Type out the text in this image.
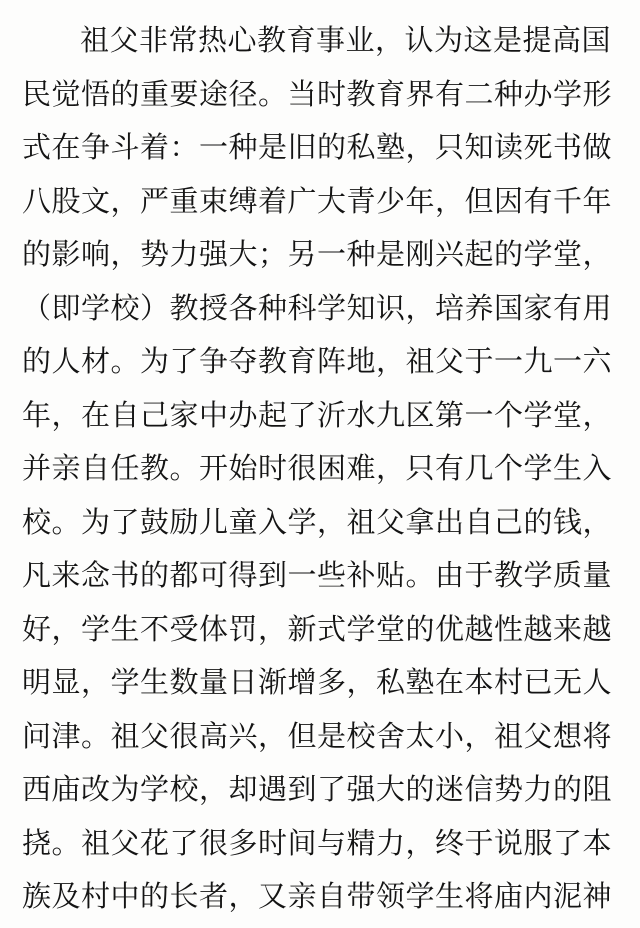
祖父非常热心教育事业，认为这是提高国
民觉悟的重要途径。当时教育界有二种办学形
式在争斗着：一种是旧的私塾，只知读死书做
八股文，严重束缚着广大青少年，但因有千年
的影响，势力强大；另一种是刚兴起的学堂，
（即学校）教授各种科学知识，培养国家有用
的人材。为了争夺教育阵地，祖父于一九一六
年，在自己家中办起了沂水九区第一个学堂，
并亲自任教。开始时很困难，只有几个学生入
校。为了鼓励儿童入学，祖父拿出自己的钱，
凡来念书的都可得到一些补贴。由于教学质量
好，学生不受体罚，新式学堂的优越性越来越
明显，学生数量日渐增多，私塾在本村已无人
问津。祖父很高兴，但是校舍太小，祖父想将
西庙改为学校，却遇到了强大的迷信势力的阻
挠。祖父花了很多时间与精力，终于说服了本
族及村中的长者，又亲自带领学生将庙内泥神
